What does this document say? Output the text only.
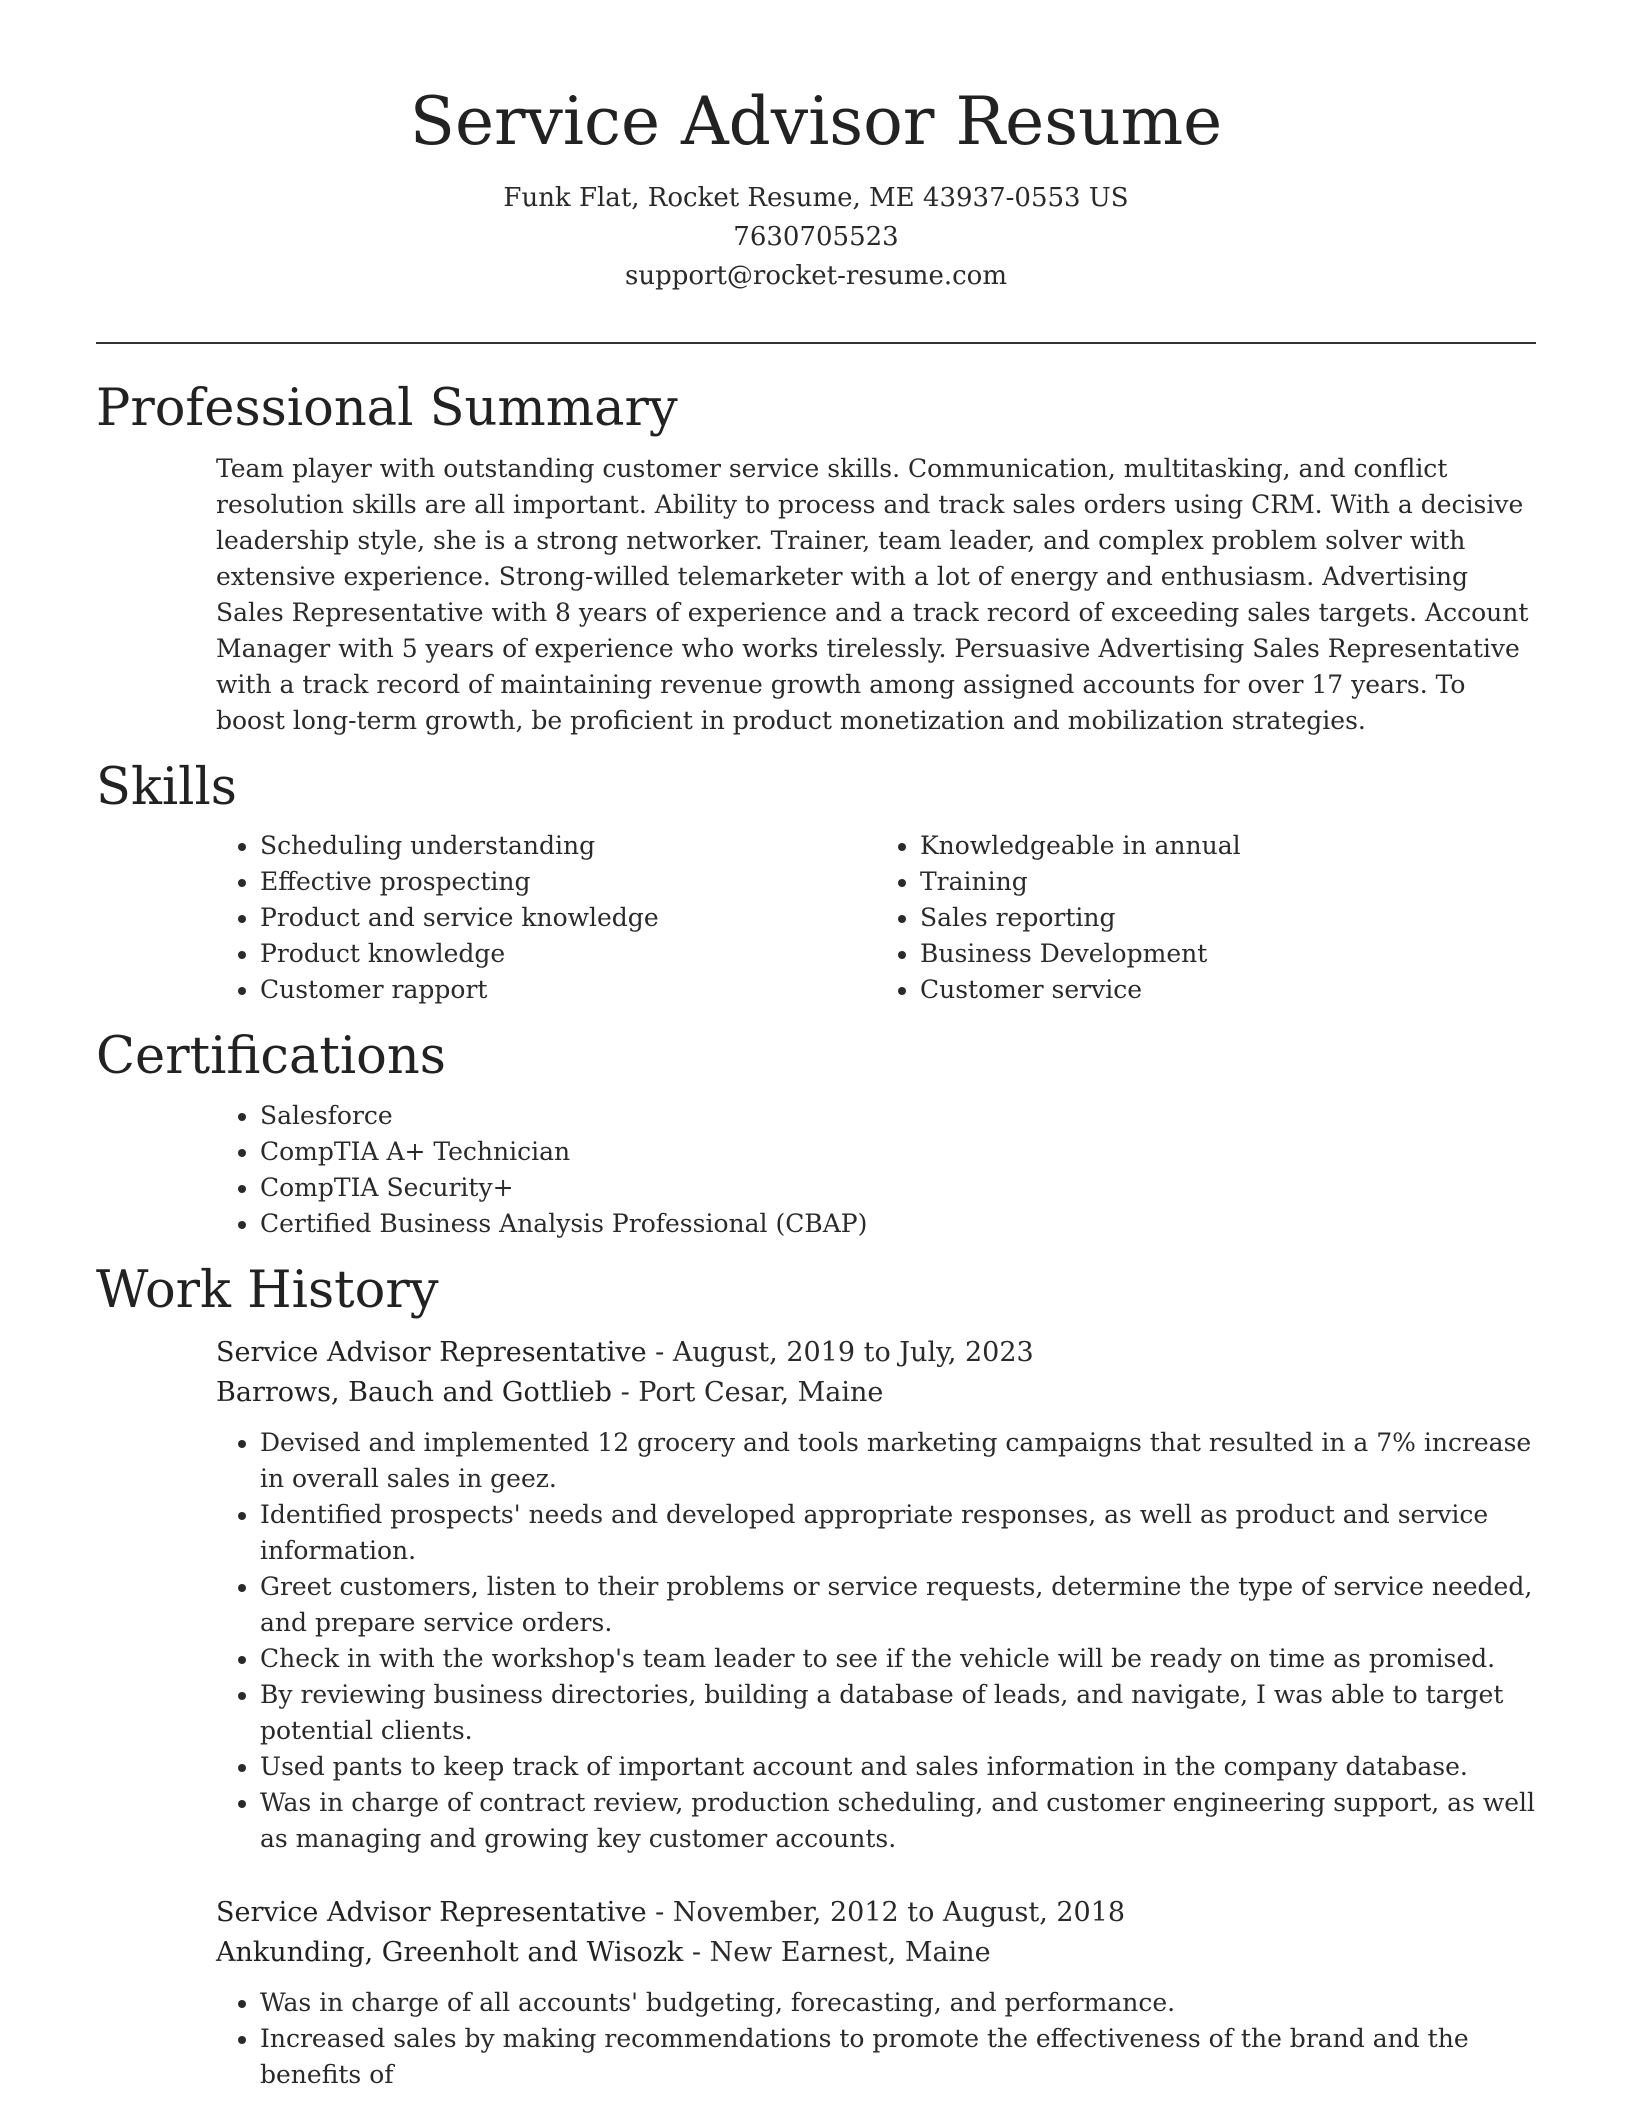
Service Advisor Resume
Funk Flat, Rocket Resume, ME 43937-0553 US
7630705523
support@rocket-resume.com
Professional Summary

Team player with outstanding customer service skills. Communication, multitasking, and conflict resolution skills are all important. Ability to process and track sales orders using CRM. With a decisive leadership style, she is a strong networker. Trainer, team leader, and complex problem solver with extensive experience. Strong-willed telemarketer with a lot of energy and enthusiasm. Advertising Sales Representative with 8 years of experience and a track record of exceeding sales targets. Account Manager with 5 years of experience who works tirelessly. Persuasive Advertising Sales Representative with a track record of maintaining revenue growth among assigned accounts for over 17 years. To boost long-term growth, be proficient in product monetization and mobilization strategies.

Skills
• Scheduling understanding
• Effective prospecting
• Product and service knowledge
• Product knowledge
• Customer rapport
• Knowledgeable in annual
• Training
• Sales reporting
• Business Development
• Customer service
Certifications
• Salesforce
• CompTIA A+ Technician
• CompTIA Security+
• Certified Business Analysis Professional (CBAP)
Work History
Service Advisor Representative - August, 2019 to July, 2023
Barrows, Bauch and Gottlieb - Port Cesar, Maine
• Devised and implemented 12 grocery and tools marketing campaigns that resulted in a 7% increase in overall sales in geez.
• Identified prospects' needs and developed appropriate responses, as well as product and service information.
• Greet customers, listen to their problems or service requests, determine the type of service needed, and prepare service orders.
• Check in with the workshop's team leader to see if the vehicle will be ready on time as promised.
• By reviewing business directories, building a database of leads, and navigate, I was able to target potential clients.
• Used pants to keep track of important account and sales information in the company database.
• Was in charge of contract review, production scheduling, and customer engineering support, as well as managing and growing key customer accounts.
Service Advisor Representative - November, 2012 to August, 2018
Ankunding, Greenholt and Wisozk - New Earnest, Maine
• Was in charge of all accounts' budgeting, forecasting, and performance.
• Increased sales by making recommendations to promote the effectiveness of the brand and the benefits of
